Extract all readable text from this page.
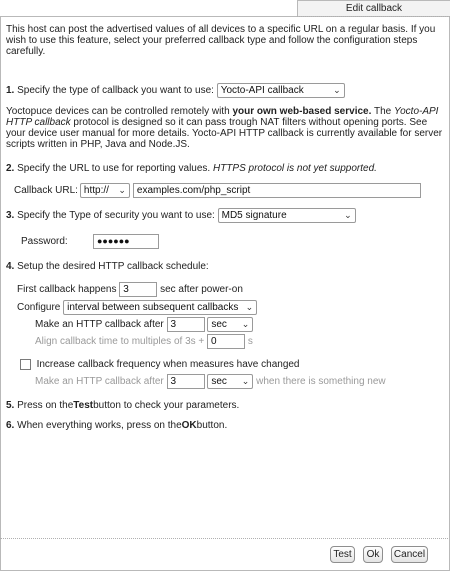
Edit callback
This host can post the advertised values of all devices to a specific URL on a regular basis. If you wish to use this feature, select your preferred callback type and follow the configuration steps carefully.
1.
Specify the type of callback you want to use:
Yocto-API callback	⌄
Yoctopuce devices can be controlled remotely with your own web-based service. The Yocto-API HTTP callback protocol is designed so it can pass trough NAT filters without opening ports. See your device user manual for more details. Yocto-API HTTP callback is currently available for server scripts written in PHP, Java and Node.JS.
2.
Specify the URL to use for reporting values.
HTTPS protocol is not yet supported.
Callback URL: http:// ⌄	examples.com/php_script
3.
Specify the Type of security you want to use:
MD5 signature	⌄
Password:	●●●●●●
4.
Setup the desired HTTP callback schedule:
First callback happens
3
	sec after power-on
Configure
interval between subsequent callbacks ⌄
Make an HTTP callback after
3
	sec ⌄
Align callback time to multiples of 3s +
0
	s

Increase callback frequency when measures have changed
Make an HTTP callback after
3
	sec ⌄
when there is something new
5.
Press on the Test button to check your parameters.
6.
When everything works, press on the OK button.
Test	Ok	Cancel
